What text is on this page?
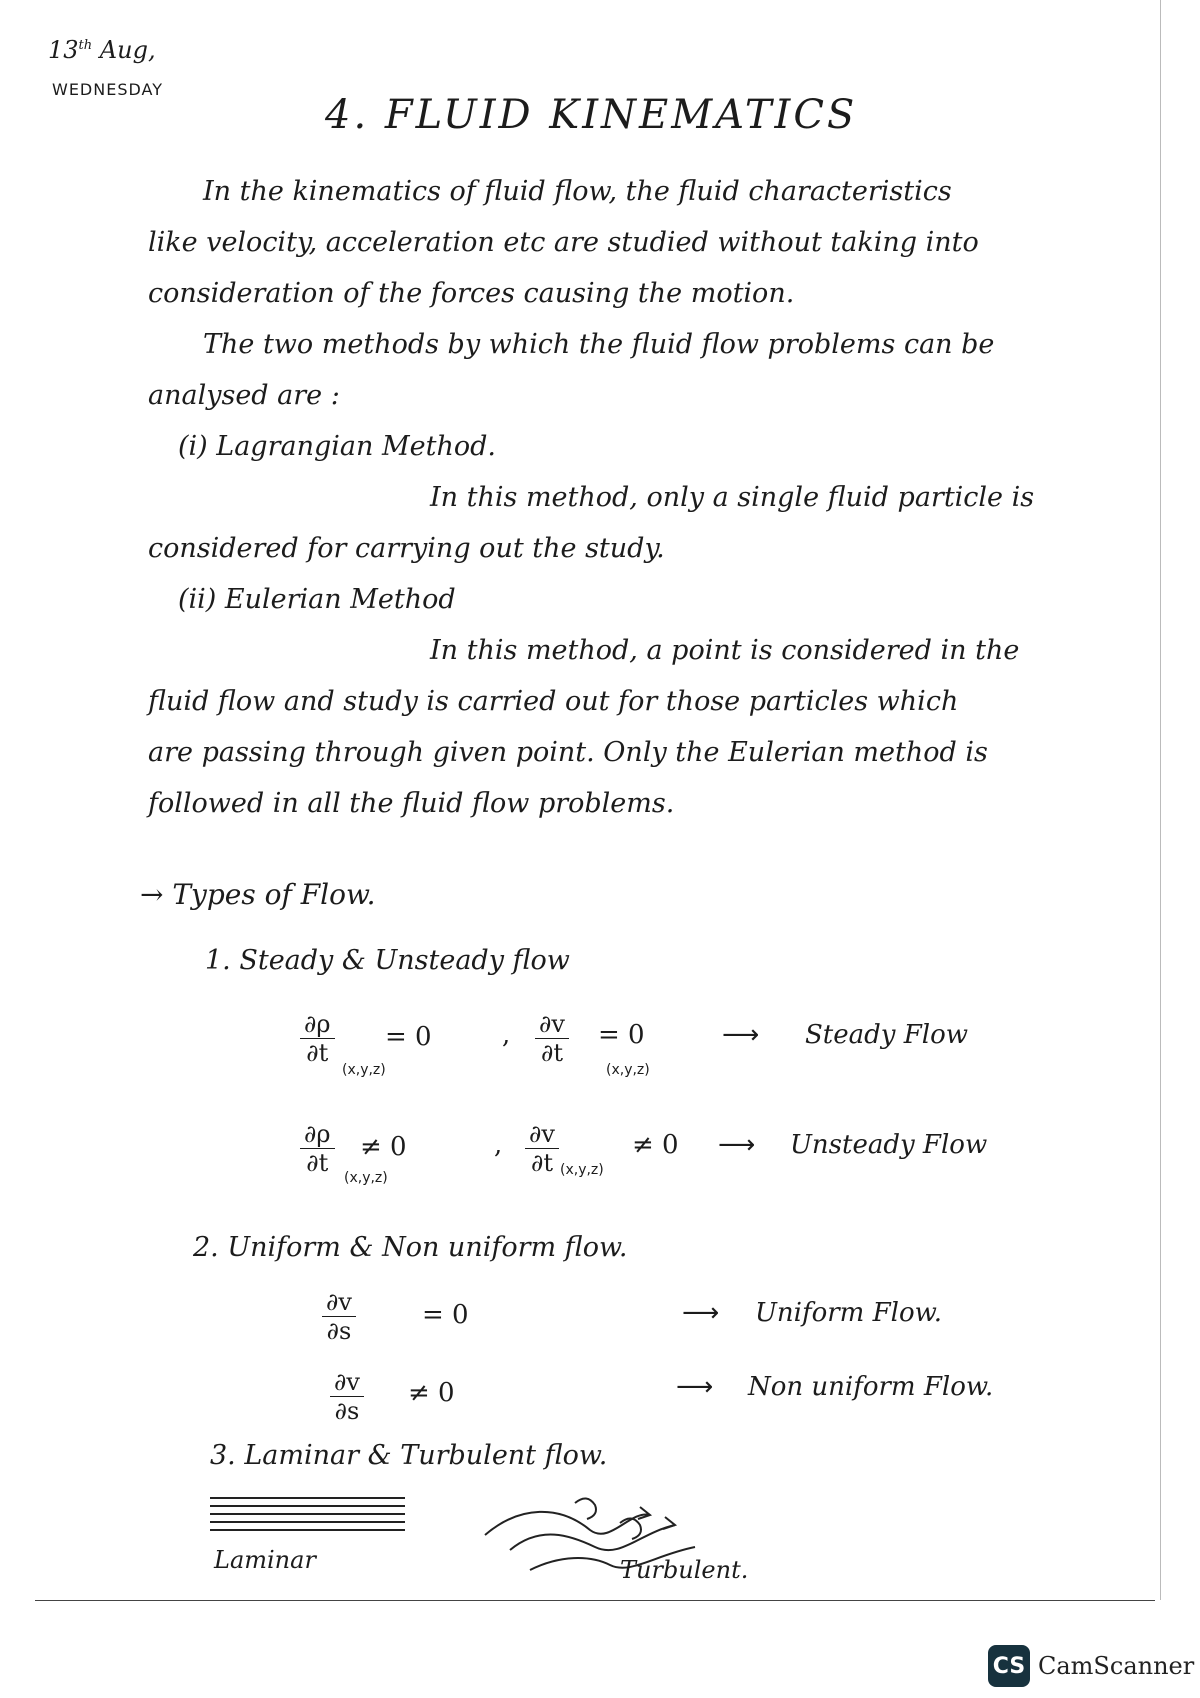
13th Aug,
WEDNESDAY
4. FLUID KINEMATICS
In the kinematics of fluid flow, the fluid characteristics
like velocity, acceleration etc are studied without taking into
consideration of the forces causing the motion.
The two methods by which the fluid flow problems can be
analysed are :
(i) Lagrangian Method.
In this method, only a single fluid particle is
considered for carrying out the study.
(ii) Eulerian Method
In this method, a point is considered in the
fluid flow and study is carried out for those particles which
are passing through given point. Only the Eulerian method is
followed in all the fluid flow problems.
→ Types of Flow.
1. Steady & Unsteady flow
$\frac{\partial\rho}{\partial t}$
(x,y,z)
= 0	, $\frac{\partial v}{\partial t}$
(x,y,z)
= 0	⟶ Steady Flow
$\frac{\partial\rho}{\partial t}$
(x,y,z)
≠ 0	, $\frac{\partial v}{\partial t} (x,y,z)$
≠ 0 ⟶ Unsteady Flow
2. Uniform & Non uniform flow.
$\frac{\partial v}{\partial s}$	= 0	⟶ Uniform Flow.
$\frac{\partial v}{\partial s} \ne 0$	⟶ Non uniform Flow.
3. Laminar & Turbulent flow.
Laminar	Turbulent.
CS CamScanner
